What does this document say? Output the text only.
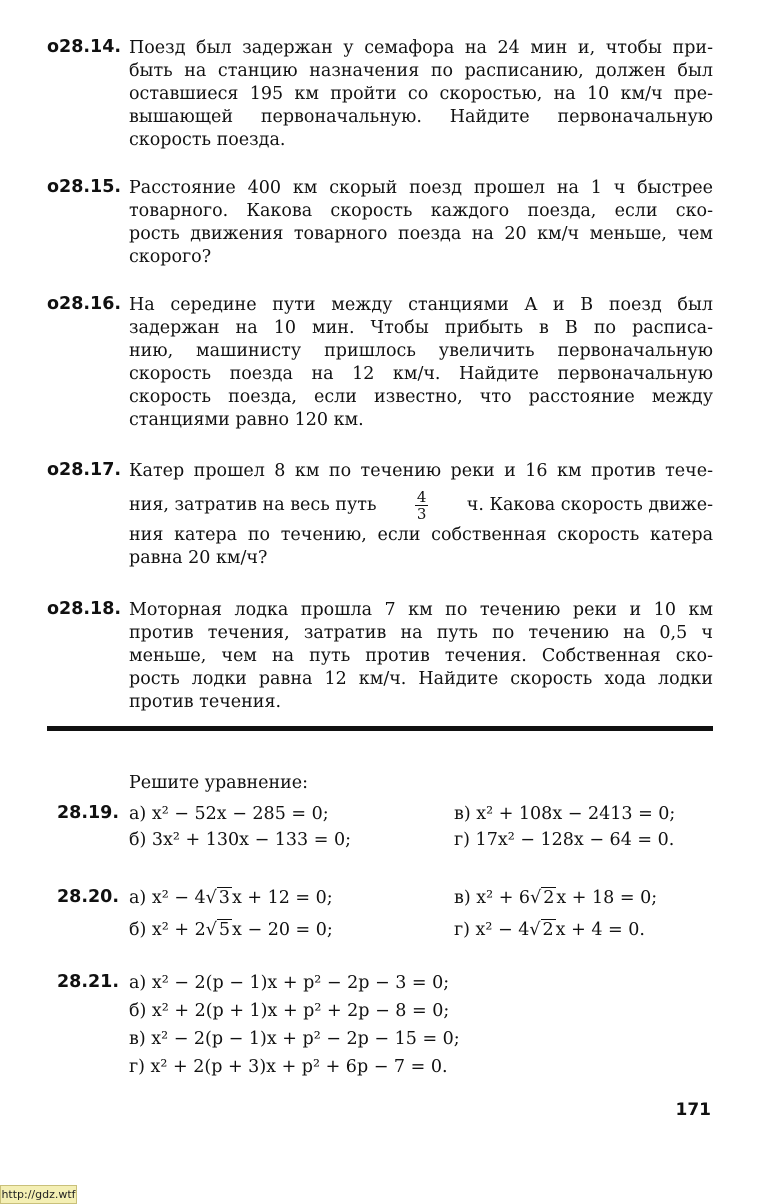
о28.14. Поезд был задержан у семафора на 24 мин и, чтобы при-
быть на станцию назначения по расписанию, должен был
оставшиеся 195 км пройти со скоростью, на 10 км/ч пре-
вышающей первоначальную. Найдите первоначальную
скорость поезда.
о28.15. Расстояние 400 км скорый поезд прошел на 1 ч быстрее
товарного. Какова скорость каждого поезда, если ско-
рость движения товарного поезда на 20 км/ч меньше, чем
скорого?
о28.16. На середине пути между станциями A и B поезд был
задержан на 10 мин. Чтобы прибыть в B по расписа-
нию, машинисту пришлось увеличить первоначальную
скорость поезда на 12 км/ч. Найдите первоначальную
скорость поезда, если известно, что расстояние между
станциями равно 120 км.
о28.17. Катер прошел 8 км по течению реки и 16 км против тече-
ния, затратив на весь путь	$\frac{4}{3} ч$. Какова скорость движе-
ния катера по течению, если собственная скорость катера
равна 20 км/ч?
о28.18. Моторная лодка прошла 7 км по течению реки и 10 км
против течения, затратив на путь по течению на 0,5 ч
меньше, чем на путь против течения. Собственная ско-
рость лодки равна 12 км/ч. Найдите скорость хода лодки
против течения.
Решите уравнение:
28.19. а) x² − 52x − 285 = 0;	в) x² + 108x − 2413 = 0;
б) 3x² + 130x − 133 = 0;	г) 17x² − 128x − 64 = 0.
28.20. а) x² − 4√ 3 x + 12 = 0;	в) x² + 6√ 2 x + 18 = 0;
б) x² + 2√ 5 x − 20 = 0;	г) x² − 4√ 2 x + 4 = 0.
28.21. а) x² − 2(p − 1)x + p² − 2p − 3 = 0;
б) x² + 2(p + 1)x + p² + 2p − 8 = 0;
в) x² − 2(p − 1)x + p² − 2p − 15 = 0;
г) x² + 2(p + 3)x + p² + 6p − 7 = 0.
171
http://gdz.wtf
